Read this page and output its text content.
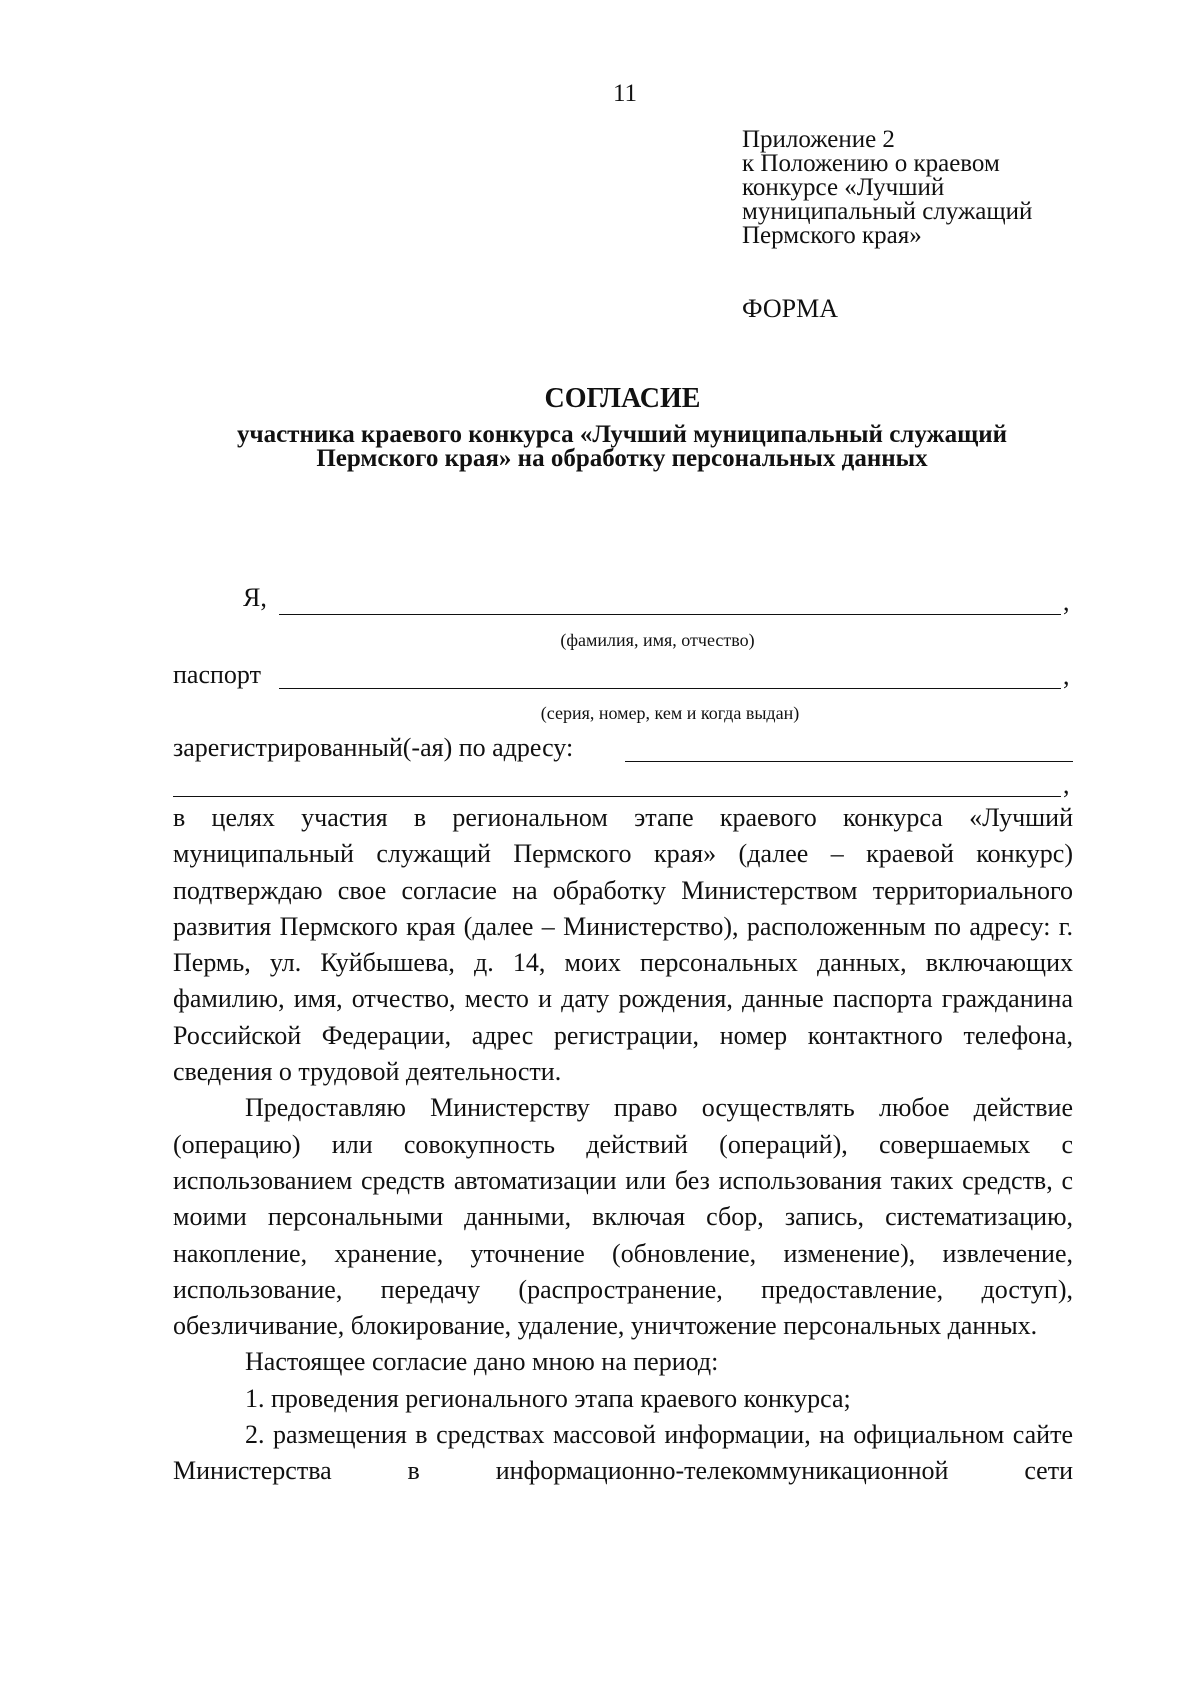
11
Приложение 2
к Положению о краевом
конкурсе «Лучший
муниципальный служащий
Пермского края»
ФОРМА
СОГЛАСИЕ
участника краевого конкурса «Лучший муниципальный служащий
Пермского края» на обработку персональных данных
Я,	,
(фамилия, имя, отчество)
паспорт	,
(серия, номер, кем и когда выдан)
зарегистрированный(-ая) по адресу:
,

в целях участия в региональном этапе краевого конкурса «Лучший муниципальный служащий Пермского края» (далее – краевой конкурс) подтверждаю свое согласие на обработку Министерством территориального развития Пермского края (далее – Министерство), расположенным по адресу: г. Пермь, ул. Куйбышева, д. 14, моих персональных данных, включающих фамилию, имя, отчество, место и дату рождения, данные паспорта гражданина Российской Федерации, адрес регистрации, номер контактного телефона, сведения о трудовой деятельности.

Предоставляю Министерству право осуществлять любое действие (операцию) или совокупность действий (операций), совершаемых с использованием средств автоматизации или без использования таких средств, с моими персональными данными, включая сбор, запись, систематизацию, накопление, хранение, уточнение (обновление, изменение), извлечение, использование, передачу (распространение, предоставление, доступ), обезличивание, блокирование, удаление, уничтожение персональных данных.

Настоящее согласие дано мною на период:

1. проведения регионального этапа краевого конкурса;

2. размещения в средствах массовой информации, на официальном сайте Министерства в информационно-телекоммуникационной сети
